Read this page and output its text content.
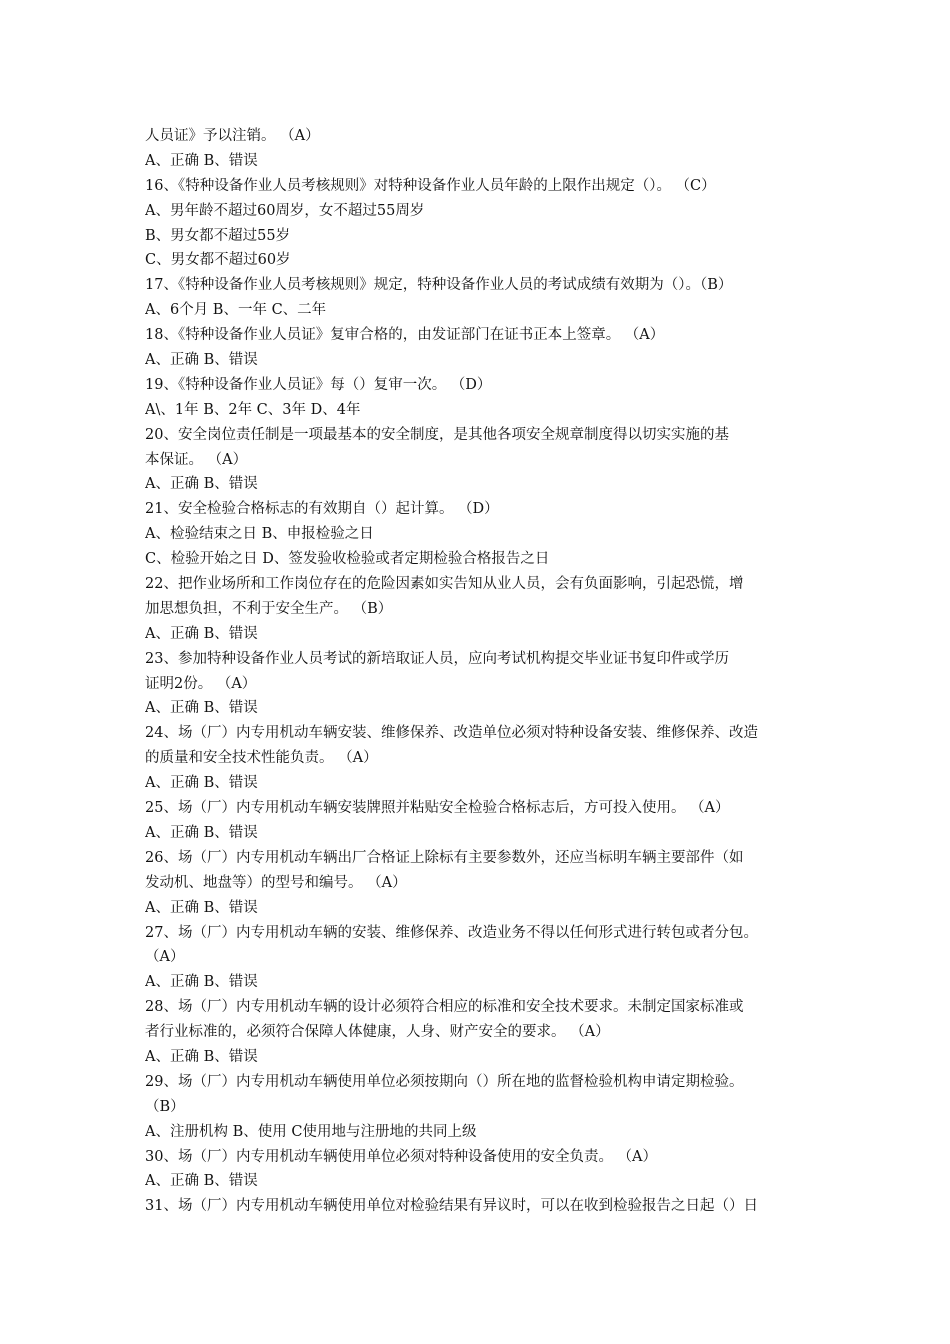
人员证》予以注销。 （A）

A、正确 B、错误

16、《特种设备作业人员考核规则》对特种设备作业人员年龄的上限作出规定（）。 （C）

A、男年龄不超过60周岁，女不超过55周岁

B、男女都不超过55岁

C、男女都不超过60岁

17、《特种设备作业人员考核规则》规定，特种设备作业人员的考试成绩有效期为（）。（B）

A、6个月 B、一年 C、二年

18、《特种设备作业人员证》复审合格的，由发证部门在证书正本上签章。 （A）

A、正确 B、错误

19、《特种设备作业人员证》每（）复审一次。 （D）

A\、1年 B、2年 C、3年 D、4年

20、安全岗位责任制是一项最基本的安全制度，是其他各项安全规章制度得以切实实施的基

本保证。 （A）

A、正确 B、错误

21、安全检验合格标志的有效期自（）起计算。 （D）

A、检验结束之日 B、申报检验之日

C、检验开始之日 D、签发验收检验或者定期检验合格报告之日

22、把作业场所和工作岗位存在的危险因素如实告知从业人员，会有负面影响，引起恐慌，增

加思想负担，不利于安全生产。 （B）

A、正确 B、错误

23、参加特种设备作业人员考试的新培取证人员，应向考试机构提交毕业证书复印件或学历

证明2份。 （A）

A、正确 B、错误

24、场（厂）内专用机动车辆安装、维修保养、改造单位必须对特种设备安装、维修保养、改造

的质量和安全技术性能负责。 （A）

A、正确 B、错误

25、场（厂）内专用机动车辆安装牌照并粘贴安全检验合格标志后，方可投入使用。 （A）

A、正确 B、错误

26、场（厂）内专用机动车辆出厂合格证上除标有主要参数外，还应当标明车辆主要部件（如

发动机、地盘等）的型号和编号。 （A）

A、正确 B、错误

27、场（厂）内专用机动车辆的安装、维修保养、改造业务不得以任何形式进行转包或者分包。

（A）

A、正确 B、错误

28、场（厂）内专用机动车辆的设计必须符合相应的标准和安全技术要求。未制定国家标准或

者行业标准的，必须符合保障人体健康，人身、财产安全的要求。 （A）

A、正确 B、错误

29、场（厂）内专用机动车辆使用单位必须按期向（）所在地的监督检验机构申请定期检验。

（B）

A、注册机构 B、使用 C使用地与注册地的共同上级

30、场（厂）内专用机动车辆使用单位必须对特种设备使用的安全负责。 （A）

A、正确 B、错误

31、场（厂）内专用机动车辆使用单位对检验结果有异议时，可以在收到检验报告之日起（）日
